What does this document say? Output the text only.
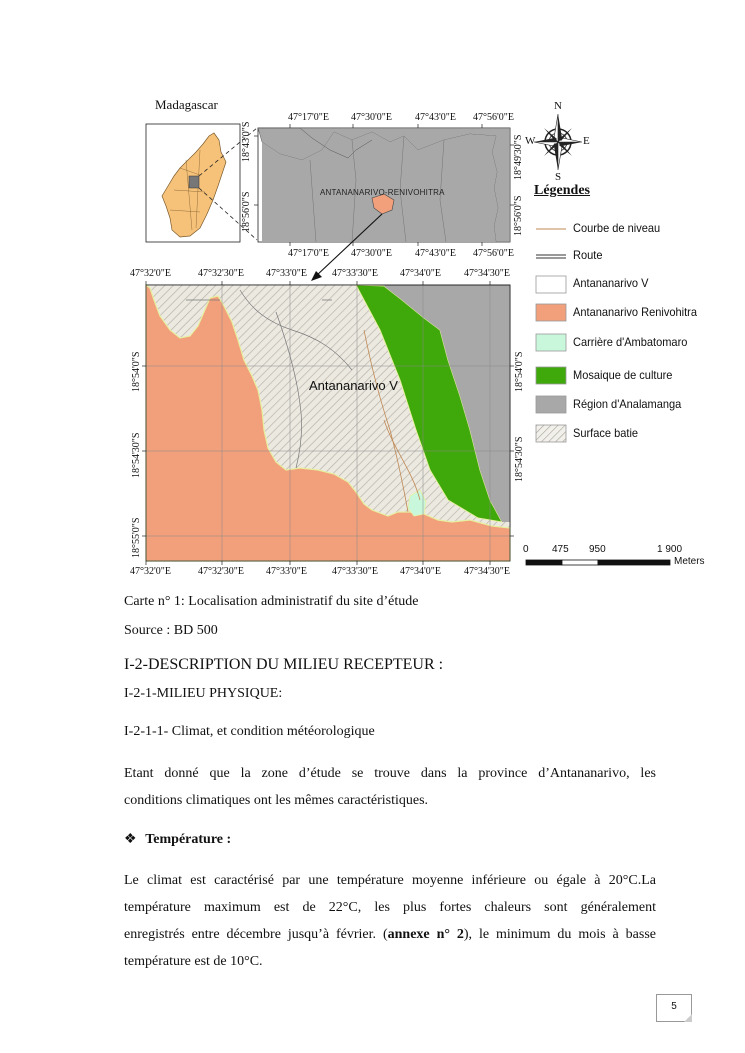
Madagascar
47°17'0"E 47°30'0"E 47°43'0"E 47°56'0"E
47°17'0"E 47°30'0"E 47°43'0"E 47°56'0"E
18°43'0"S
18°56'0"S
18°49'30"S
18°56'0"S
ANTANANARIVO-RENIVOHITRA
47°32'0"E	47°32'30"E 47°33'0"E	47°33'30"E 47°34'0"E 47°34'30"E
47°32'0"E	47°32'30"E 47°33'0"E	47°33'30"E 47°34'0"E 47°34'30"E
18°54'0"S
18°54'30"S
18°55'0"S
18°54'0"S
18°54'30"S
Antananarivo V
N
S
E
W
Légendes
Courbe de niveau
Route
Antananarivo V
Antananarivo Renivohitra
Carrière d'Ambatomaro
Mosaique de culture
Région d'Analamanga
Surface batie
0 475 950	1 900
Meters
Carte n° 1: Localisation administratif du site d’étude
Source : BD 500
I-2-DESCRIPTION DU MILIEU RECEPTEUR :
I-2-1-MILIEU PHYSIQUE:
I-2-1-1- Climat, et condition météorologique
Etant donné que la zone d’étude se trouve dans la province d’Antananarivo, les
conditions climatiques ont les mêmes caractéristiques.
❖ Température :
Le climat est caractérisé par une température moyenne inférieure ou égale à 20°C.La
température maximum est de 22°C, les plus fortes chaleurs sont généralement
enregistrés entre décembre jusqu’à février. (annexe n° 2), le minimum du mois à basse
température est de 10°C.
5
